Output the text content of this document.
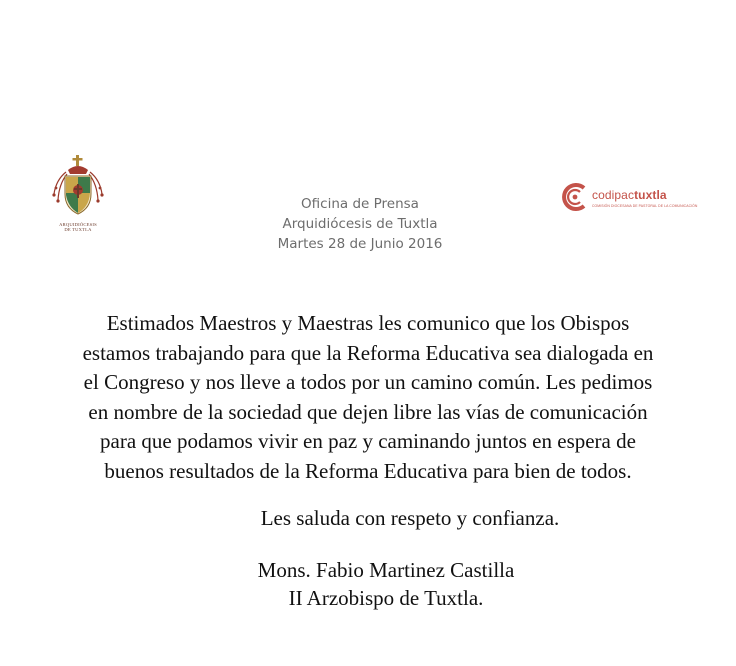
ARQUIDIÓCESIS
DE TUXTLA
codipactuxtla
COMISIÓN DIOCESANA DE PASTORAL DE LA COMUNICACIÓN
Oficina de Prensa
Arquidiócesis de Tuxtla
Martes 28 de Junio 2016
Estimados Maestros y Maestras les comunico que los Obispos
estamos trabajando para que la Reforma Educativa sea dialogada en
el Congreso y nos lleve a todos por un camino común. Les pedimos
en nombre de la sociedad que dejen libre las vías de comunicación
para que podamos vivir en paz y caminando juntos en espera de
buenos resultados de la Reforma Educativa para bien de todos.
Les saluda con respeto y confianza.
Mons. Fabio Martinez Castilla
II Arzobispo de Tuxtla.
